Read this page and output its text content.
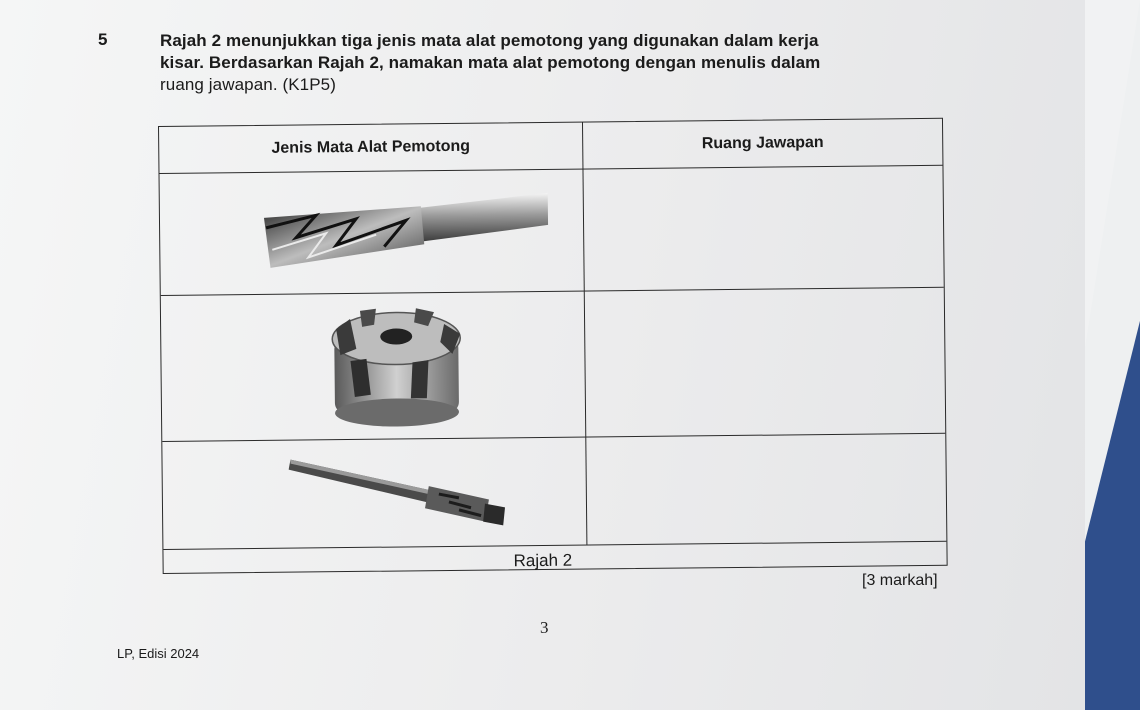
5	Rajah 2 menunjukkan tiga jenis mata alat pemotong yang digunakan dalam kerja
kisar. Berdasarkan Rajah 2, namakan mata alat pemotong dengan menulis dalam
ruang jawapan. (K1P5)
Jenis Mata Alat Pemotong	Ruang Jawapan
Rajah 2
[3 markah]
3
LP, Edisi 2024
